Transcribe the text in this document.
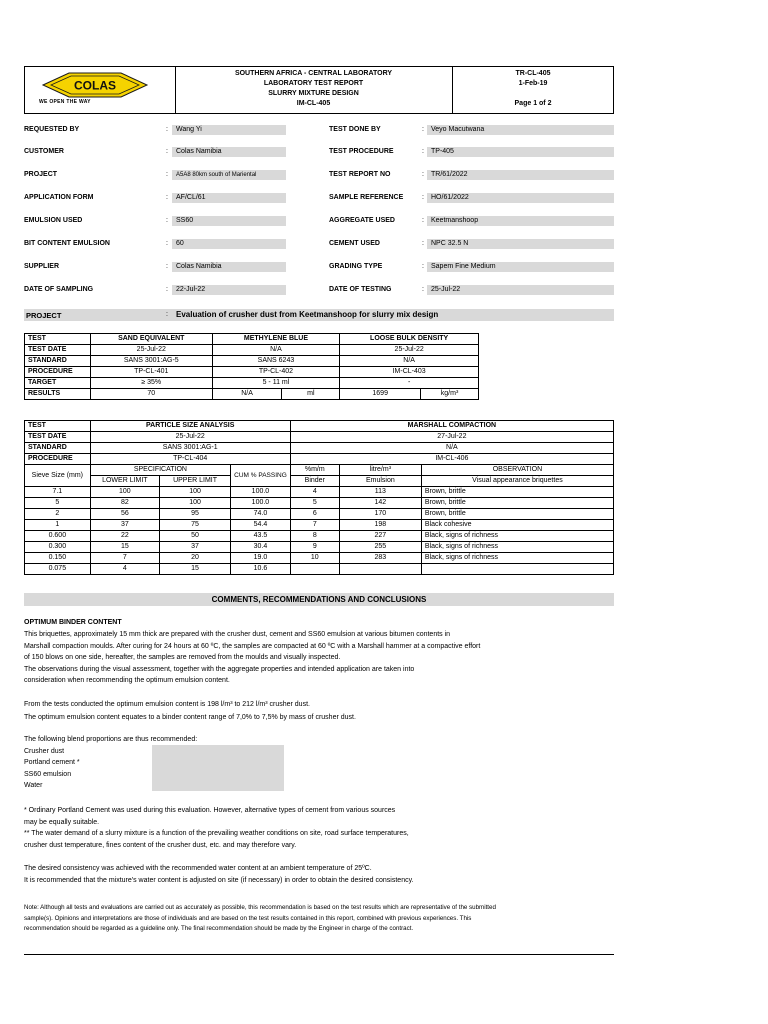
COLAS
WE OPEN THE WAY
SOUTHERN AFRICA - CENTRAL LABORATORY
LABORATORY TEST REPORT
SLURRY MIXTURE DESIGN
IM-CL-405
TR-CL-405
1-Feb-19
Page 1 of 2
REQUESTED BY	:	Wang Yi
CUSTOMER	:	Colas Namibia
PROJECT	:	A5A8 80km south of Mariental
APPLICATION FORM	:	AF/CL/61
EMULSION USED	:	SS60
BIT CONTENT EMULSION	:	60
SUPPLIER	:	Colas Namibia
DATE OF SAMPLING	:	22-Jul-22
TEST DONE BY	:	Veyo Macutwana
TEST PROCEDURE	:	TP-405
TEST REPORT NO	:	TR/61/2022
SAMPLE REFERENCE	:	HO/61/2022
AGGREGATE USED	:	Keetmanshoop
CEMENT USED	:	NPC 32.5 N
GRADING TYPE	:	Sapem Fine Medium
DATE OF TESTING	:	25-Jul-22
PROJECT	: Evaluation of crusher dust from Keetmanshoop for slurry mix design
TEST	SAND EQUIVALENT	METHYLENE BLUE		LOOSE BULK DENSITY	
TEST DATE	25-Jul-22	N/A		25-Jul-22	
STANDARD	SANS 3001:AG-5	SANS 6243		N/A	
PROCEDURE	TP-CL-401	TP-CL-402		IM-CL-403	
TARGET	≥ 35%	5 - 11 ml		-	
RESULTS	70	N/A	ml	1699	kg/m³
TEST	PARTICLE SIZE ANALYSIS			MARSHALL COMPACTION		
TEST DATE	25-Jul-22			27-Jul-22		
STANDARD	SANS 3001:AG-1			N/A		
PROCEDURE	TP-CL-404			IM-CL-406		
Sieve Size (mm)	SPECIFICATION		CUM % PASSING	%m/m	litre/m³	OBSERVATION
	LOWER LIMIT	UPPER LIMIT		Binder	Emulsion	Visual appearance briquettes
7.1	100	100	100.0	4	113	Brown, brittle
5	82	100	100.0	5	142	Brown, brittle
2	56	95	74.0	6	170	Brown, brittle
1	37	75	54.4	7	198	Black cohesive
0.600	22	50	43.5	8	227	Black, signs of richness
0.300	15	37	30.4	9	255	Black, signs of richness
0.150	7	20	19.0	10	283	Black, signs of richness
0.075	4	15	10.6			
COMMENTS, RECOMMENDATIONS AND CONCLUSIONS
OPTIMUM BINDER CONTENT
This briquettes, approximately 15 mm thick are prepared with the crusher dust, cement and SS60 emulsion at various bitumen contents in
Marshall compaction moulds. After curing for 24 hours at 60 ºC, the samples are compacted at 60 ºC with a Marshall hammer at a compactive effort
of 150 blows on one side, hereafter, the samples are removed from the moulds and visually inspected.
The observations during the visual assessment, together with the aggregate properties and intended application are taken into
consideration when recommending the optimum emulsion content.
From the tests conducted the optimum emulsion content is 198 l/m³ to 212 l/m³ crusher dust.
The optimum emulsion content equates to a binder content range of 7,0% to 7,5% by mass of crusher dust.
The following blend proportions are thus recommended:
Crusher dust
Portland cement *
SS60 emulsion
Water
* Ordinary Portland Cement was used during this evaluation. However, alternative types of cement from various sources
may be equally suitable.
** The water demand of a slurry mixture is a function of the prevailing weather conditions on site, road surface temperatures,
crusher dust temperature, fines content of the crusher dust, etc. and may therefore vary.
The desired consistency was achieved with the recommended water content at an ambient temperature of 25ºC.
It is recommended that the mixture's water content is adjusted on site (if necessary) in order to obtain the desired consistency.
Note: Although all tests and evaluations are carried out as accurately as possible, this recommendation is based on the test results which are representative of the submitted
sample(s). Opinions and interpretations are those of individuals and are based on the test results contained in this report, combined with previous experiences. This
recommendation should be regarded as a guideline only. The final recommendation should be made by the Engineer in charge of the contract.
